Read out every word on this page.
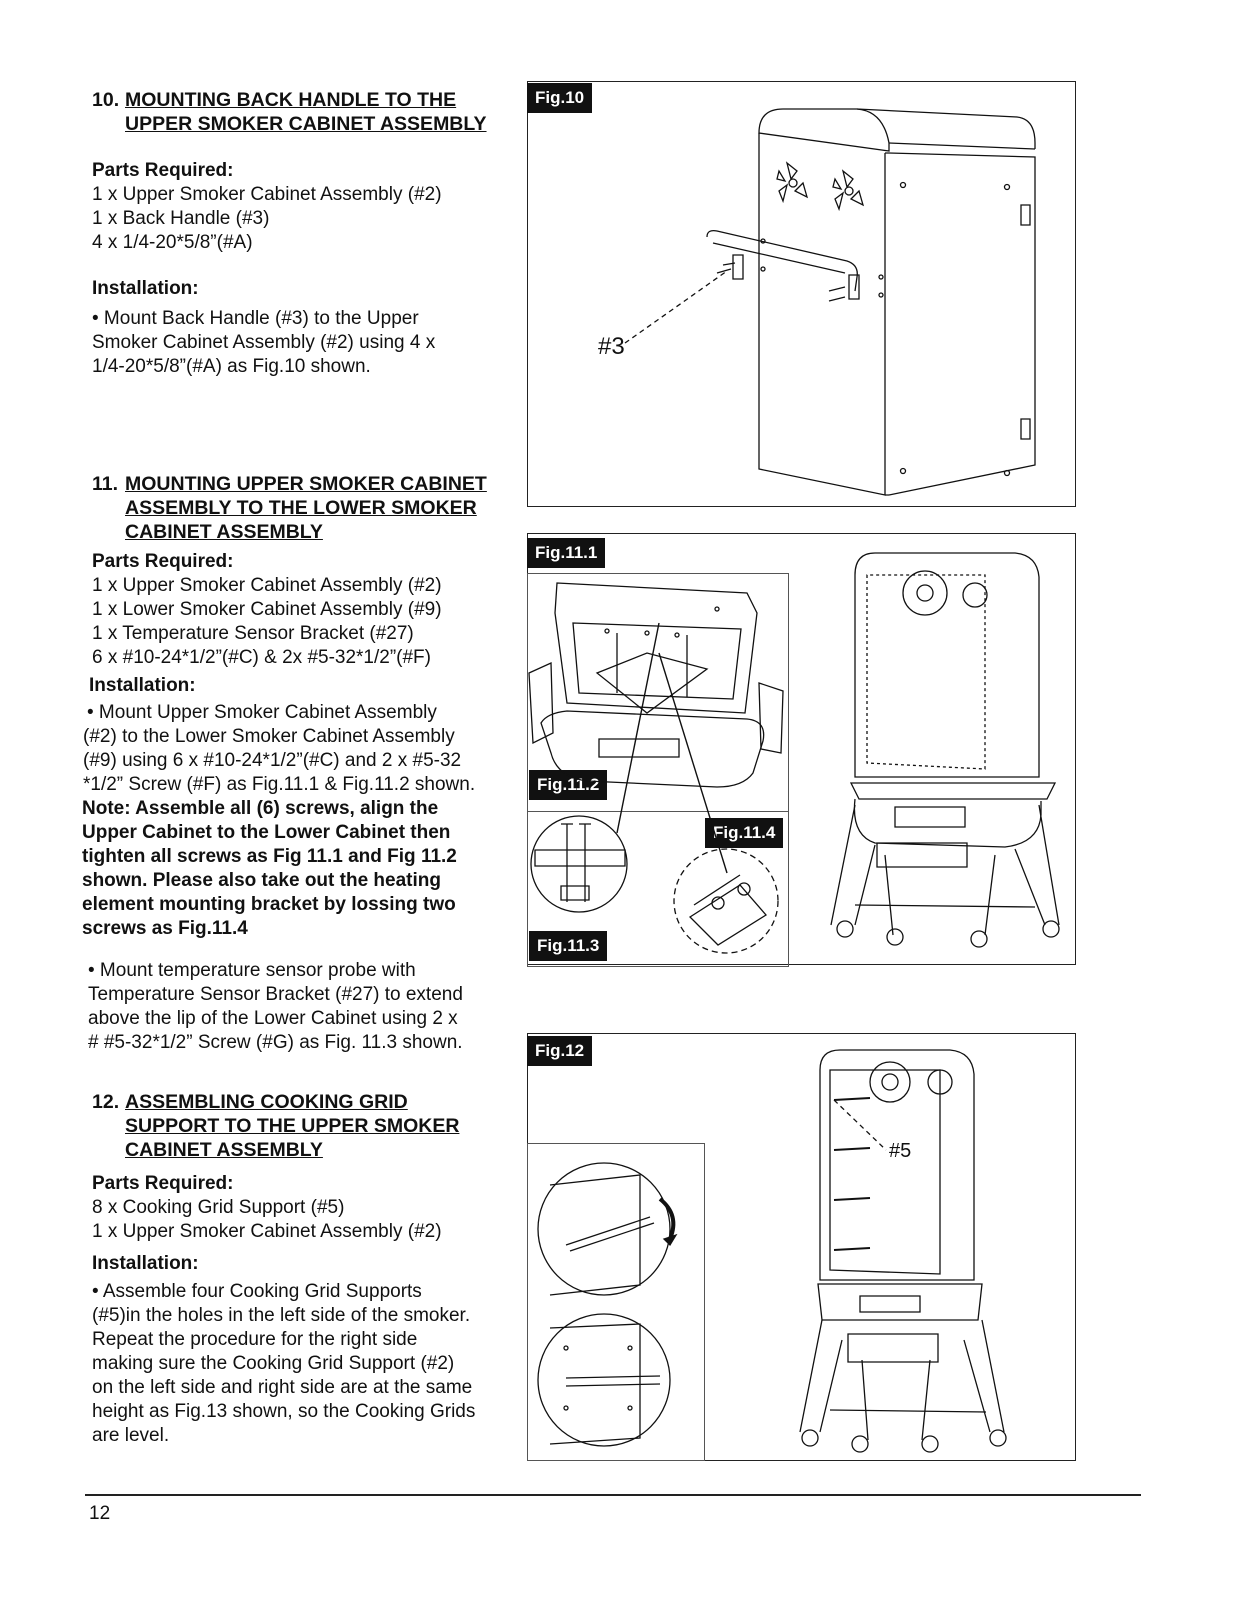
10. MOUNTING BACK HANDLE TO THE
UPPER SMOKER CABINET ASSEMBLY
Parts Required:
1 x Upper Smoker Cabinet Assembly (#2)
1 x Back Handle (#3)
4 x 1/4-20*5/8”(#A)
Installation:
• Mount Back Handle (#3) to the Upper
Smoker Cabinet Assembly (#2) using 4 x
1/4-20*5/8”(#A) as Fig.10 shown.
11. MOUNTING UPPER SMOKER CABINET
ASSEMBLY TO THE LOWER SMOKER
CABINET ASSEMBLY
Parts Required:
1 x Upper Smoker Cabinet Assembly (#2)
1 x Lower Smoker Cabinet Assembly (#9)
1 x Temperature Sensor Bracket (#27)
6 x #10-24*1/2”(#C) & 2x #5-32*1/2”(#F)
Installation:
• Mount Upper Smoker Cabinet Assembly
(#2) to the Lower Smoker Cabinet Assembly
(#9) using 6 x #10-24*1/2”(#C) and 2 x #5-32
*1/2” Screw (#F) as Fig.11.1 & Fig.11.2 shown.
Note: Assemble all (6) screws, align the
Upper Cabinet to the Lower Cabinet then
tighten all screws as Fig 11.1 and Fig 11.2
shown. Please also take out the heating
element mounting bracket by lossing two
screws as Fig.11.4
• Mount temperature sensor probe with
Temperature Sensor Bracket (#27) to extend
above the lip of the Lower Cabinet using 2 x
# #5-32*1/2” Screw (#G) as Fig. 11.3 shown.
12. ASSEMBLING COOKING GRID
SUPPORT TO THE UPPER SMOKER
CABINET ASSEMBLY
Parts Required:
8 x Cooking Grid Support (#5)
1 x Upper Smoker Cabinet Assembly (#2)
Installation:
• Assemble four Cooking Grid Supports
(#5)in the holes in the left side of the smoker.
Repeat the procedure for the right side
making sure the Cooking Grid Support (#2)
on the left side and right side are at the same
height as Fig.13 shown, so the Cooking Grids
are level.
Fig.10
#3
Fig.11.1
Fig.11.2
Fig.11.4
Fig.11.3
Fig.12
#5
12
